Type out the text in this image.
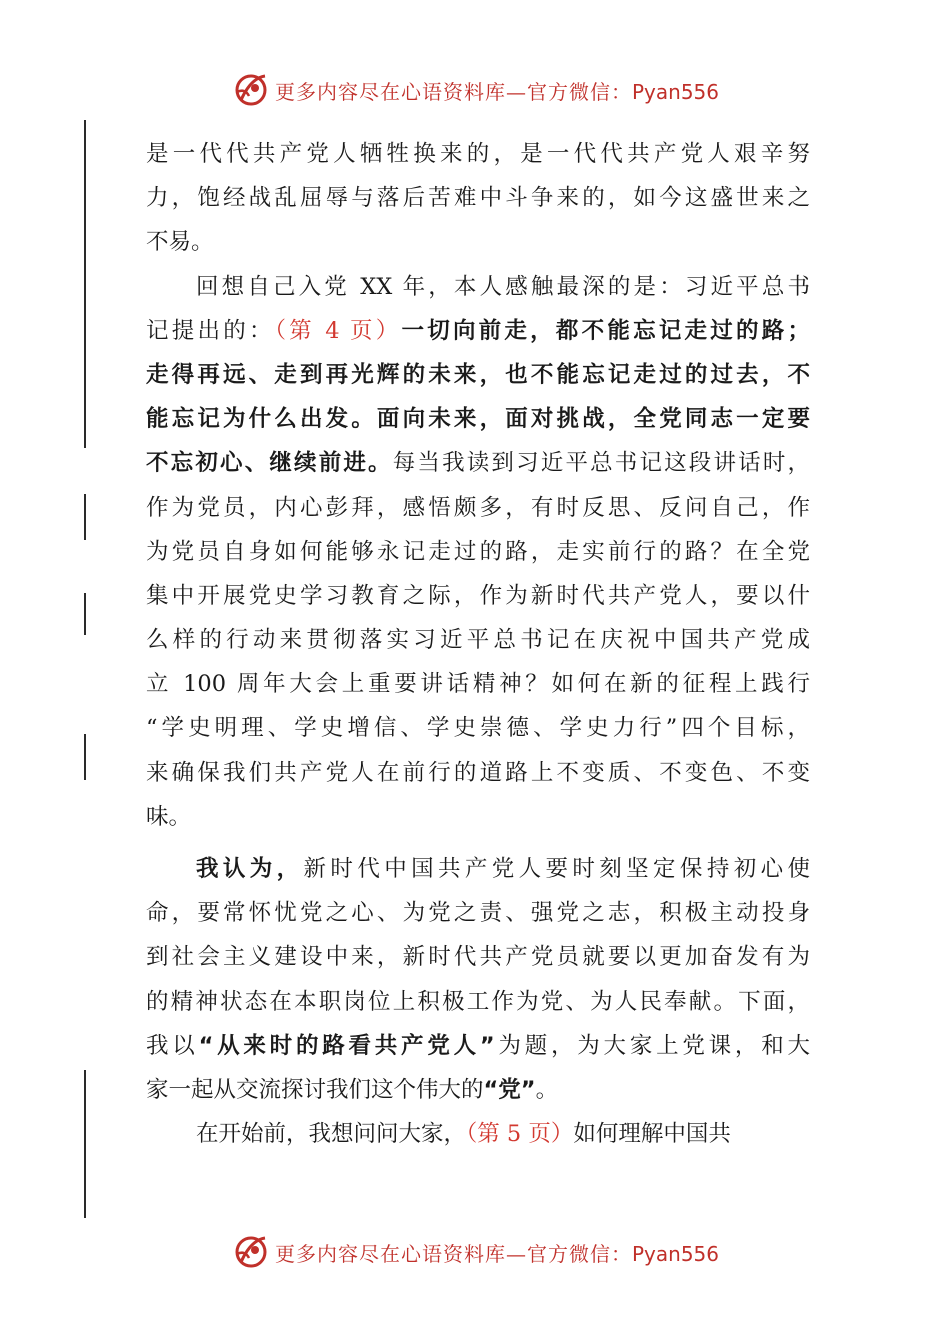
更多内容尽在心语资料库—官方微信：Pyan556
是一代代共产党人牺牲换来的，是一代代共产党人艰辛努
力，饱经战乱屈辱与落后苦难中斗争来的，如今这盛世来之
不易。
回想自己入党 XX 年，本人感触最深的是：习近平总书
记提出的：（第 4 页）一切向前走，都不能忘记走过的路；
走得再远、走到再光辉的未来，也不能忘记走过的过去，不
能忘记为什么出发。面向未来，面对挑战，全党同志一定要
不忘初心、继续前进。每当我读到习近平总书记这段讲话时，
作为党员，内心彭拜，感悟颇多，有时反思、反问自己，作
为党员自身如何能够永记走过的路，走实前行的路？在全党
集中开展党史学习教育之际，作为新时代共产党人，要以什
么样的行动来贯彻落实习近平总书记在庆祝中国共产党成
立 100 周年大会上重要讲话精神？如何在新的征程上践行
“学史明理、学史增信、学史崇德、学史力行”四个目标，
来确保我们共产党人在前行的道路上不变质、不变色、不变
味。
我认为，新时代中国共产党人要时刻坚定保持初心使
命，要常怀忧党之心、为党之责、强党之志，积极主动投身
到社会主义建设中来，新时代共产党员就要以更加奋发有为
的精神状态在本职岗位上积极工作为党、为人民奉献。下面，
我以“从来时的路看共产党人”为题，为大家上党课，和大
家一起从交流探讨我们这个伟大的“党”。
在开始前，我想问问大家，（第 5 页）如何理解中国共
更多内容尽在心语资料库—官方微信：Pyan556
